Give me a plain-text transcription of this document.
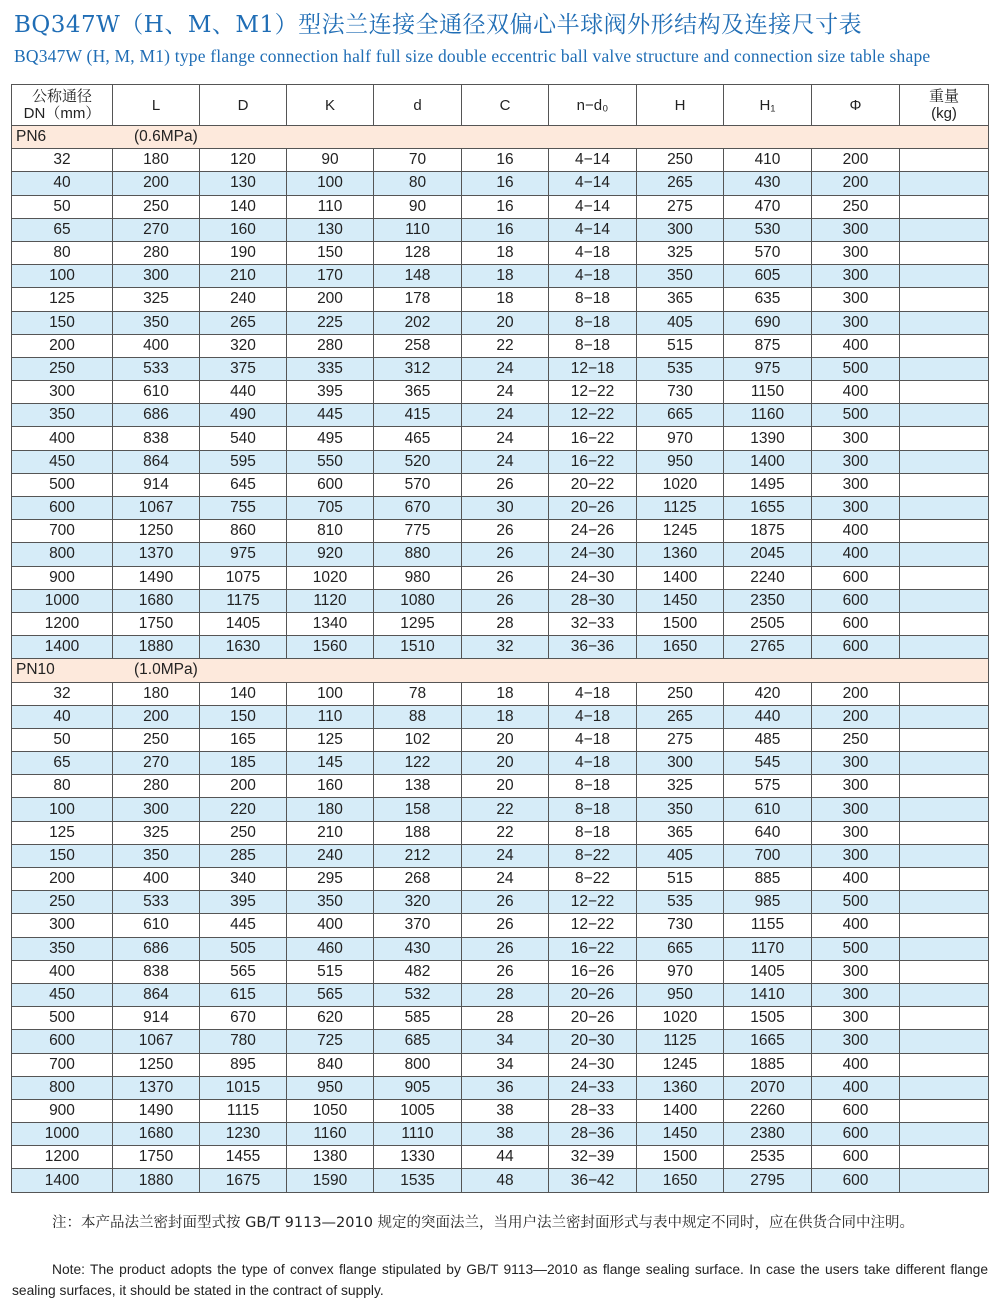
BQ347W（H、M、M1）型法兰连接全通径双偏心半球阀外形结构及连接尺寸表
BQ347W (H, M, M1) type flange connection half full size double eccentric ball valve structure and connection size table shape
公称通径
DN（mm）	L	D	K	d	C	n−d₀	H	H₁	Φ	重量
(kg)
PN6 (0.6MPa)										
32	180	120	90	70	16	4−14	250	410	200	
40	200	130	100	80	16	4−14	265	430	200	
50	250	140	110	90	16	4−14	275	470	250	
65	270	160	130	110	16	4−14	300	530	300	
80	280	190	150	128	18	4−18	325	570	300	
100	300	210	170	148	18	4−18	350	605	300	
125	325	240	200	178	18	8−18	365	635	300	
150	350	265	225	202	20	8−18	405	690	300	
200	400	320	280	258	22	8−18	515	875	400	
250	533	375	335	312	24	12−18	535	975	500	
300	610	440	395	365	24	12−22	730	1150	400	
350	686	490	445	415	24	12−22	665	1160	500	
400	838	540	495	465	24	16−22	970	1390	300	
450	864	595	550	520	24	16−22	950	1400	300	
500	914	645	600	570	26	20−22	1020	1495	300	
600	1067	755	705	670	30	20−26	1125	1655	300	
700	1250	860	810	775	26	24−26	1245	1875	400	
800	1370	975	920	880	26	24−30	1360	2045	400	
900	1490	1075	1020	980	26	24−30	1400	2240	600	
1000	1680	1175	1120	1080	26	28−30	1450	2350	600	
1200	1750	1405	1340	1295	28	32−33	1500	2505	600	
1400	1880	1630	1560	1510	32	36−36	1650	2765	600	
PN10 (1.0MPa)										
32	180	140	100	78	18	4−18	250	420	200	
40	200	150	110	88	18	4−18	265	440	200	
50	250	165	125	102	20	4−18	275	485	250	
65	270	185	145	122	20	4−18	300	545	300	
80	280	200	160	138	20	8−18	325	575	300	
100	300	220	180	158	22	8−18	350	610	300	
125	325	250	210	188	22	8−18	365	640	300	
150	350	285	240	212	24	8−22	405	700	300	
200	400	340	295	268	24	8−22	515	885	400	
250	533	395	350	320	26	12−22	535	985	500	
300	610	445	400	370	26	12−22	730	1155	400	
350	686	505	460	430	26	16−22	665	1170	500	
400	838	565	515	482	26	16−26	970	1405	300	
450	864	615	565	532	28	20−26	950	1410	300	
500	914	670	620	585	28	20−26	1020	1505	300	
600	1067	780	725	685	34	20−30	1125	1665	300	
700	1250	895	840	800	34	24−30	1245	1885	400	
800	1370	1015	950	905	36	24−33	1360	2070	400	
900	1490	1115	1050	1005	38	28−33	1400	2260	600	
1000	1680	1230	1160	1110	38	28−36	1450	2380	600	
1200	1750	1455	1380	1330	44	32−39	1500	2535	600	
1400	1880	1675	1590	1535	48	36−42	1650	2795	600	
注：本产品法兰密封面型式按 GB/T 9113—2010 规定的突面法兰，当用户法兰密封面形式与表中规定不同时，应在供货合同中注明。
Note: The product adopts the type of convex flange stipulated by GB/T 9113—2010 as flange sealing surface. In case the users take different flange sealing surfaces, it should be stated in the contract of supply.
